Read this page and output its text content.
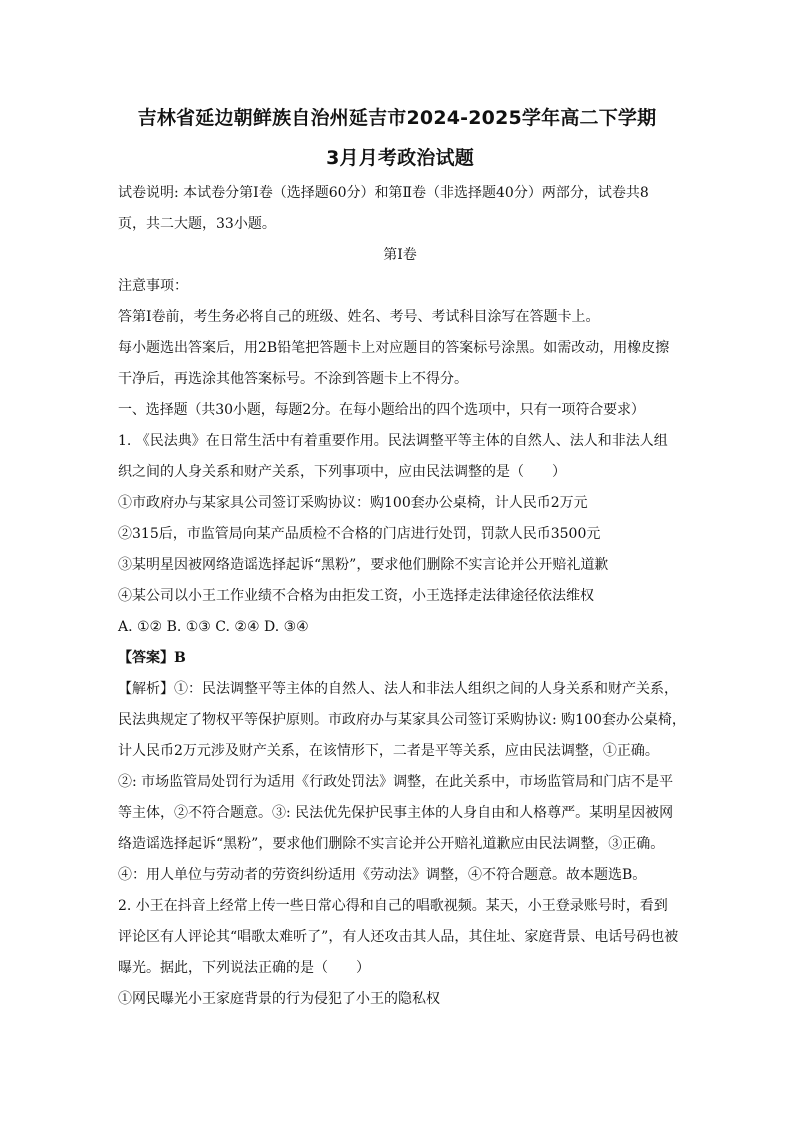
吉林省延边朝鲜族自治州延吉市2024-2025学年高二下学期
3月月考政治试题

试卷说明: 本试卷分第Ⅰ卷（选择题60分）和第Ⅱ卷（非选择题40分）两部分，试卷共8

页，共二大题，33小题。

第Ⅰ卷

注意事项：

答第Ⅰ卷前，考生务必将自己的班级、姓名、考号、考试科目涂写在答题卡上。

每小题选出答案后，用2B铅笔把答题卡上对应题目的答案标号涂黑。如需改动，用橡皮擦

干净后，再选涂其他答案标号。不涂到答题卡上不得分。

一、选择题（共30小题，每题2分。在每小题给出的四个选项中，只有一项符合要求）

1. 《民法典》在日常生活中有着重要作用。民法调整平等主体的自然人、法人和非法人组

织之间的人身关系和财产关系，下列事项中，应由民法调整的是（　　）

①市政府办与某家具公司签订采购协议：购100套办公桌椅，计人民币2万元

②315后，市监管局向某产品质检不合格的门店进行处罚，罚款人民币3500元

③某明星因被网络造谣选择起诉“黑粉”，要求他们删除不实言论并公开赔礼道歉

④某公司以小王工作业绩不合格为由拒发工资，小王选择走法律途径依法维权

A. ①② B. ①③ C. ②④ D. ③④

【答案】B

【解析】①：民法调整平等主体的自然人、法人和非法人组织之间的人身关系和财产关系，

民法典规定了物权平等保护原则。市政府办与某家具公司签订采购协议: 购100套办公桌椅，

计人民币2万元涉及财产关系，在该情形下，二者是平等关系，应由民法调整，①正确。

②: 市场监管局处罚行为适用《行政处罚法》调整，在此关系中，市场监管局和门店不是平

等主体，②不符合题意。③: 民法优先保护民事主体的人身自由和人格尊严。某明星因被网

络造谣选择起诉“黑粉”，要求他们删除不实言论并公开赔礼道歉应由民法调整，③正确。

④：用人单位与劳动者的劳资纠纷适用《劳动法》调整，④不符合题意。故本题选B。

2. 小王在抖音上经常上传一些日常心得和自己的唱歌视频。某天，小王登录账号时，看到

评论区有人评论其“唱歌太难听了”，有人还攻击其人品，其住址、家庭背景、电话号码也被

曝光。据此，下列说法正确的是（　　）

①网民曝光小王家庭背景的行为侵犯了小王的隐私权
